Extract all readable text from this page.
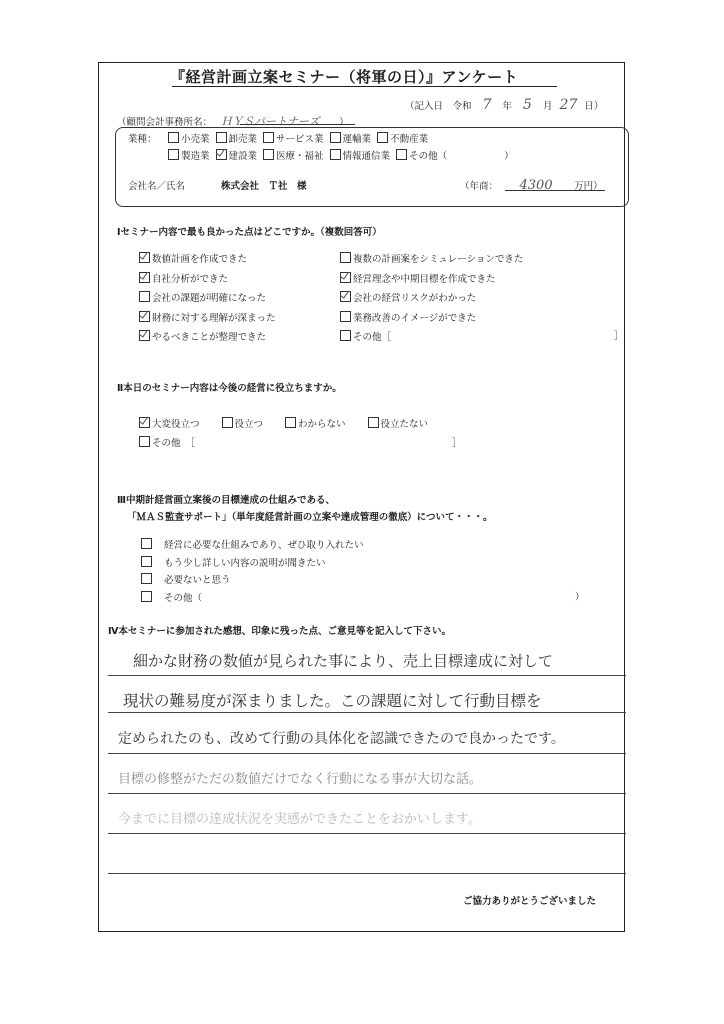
『経営計画立案セミナー（将軍の日）』アンケート
（記入日　令和 7 年 5 月 27 日）
（顧問会計事務所名： ＨＹＳパートナーズ ）
業種：	小売業 卸売業 サービス業 運輸業 不動産業
製造業 建設業 医療・福祉 情報通信業 その他（　　　　　　）
会社名／氏名	株式会社　Ｔ社　様	（年商： 4300 万円）
Ⅰセミナー内容で最も良かった点はどこですか。（複数回答可）
数値計画を作成できた
自社分析ができた
会社の課題が明確になった
財務に対する理解が深まった
やるべきことが整理できた
複数の計画案をシミュレーションできた
経営理念や中期目標を作成できた
会社の経営リスクがわかった
業務改善のイメージができた
その他［	］
Ⅱ本日のセミナー内容は今後の経営に役立ちますか。
大変役立つ	役立つ	わからない	役立たない
その他　［	］
Ⅲ中期計経営画立案後の目標達成の仕組みである、
「ＭＡＳ監査サポート」（単年度経営計画の立案や達成管理の徹底）について・・・。
経営に必要な仕組みであり、ぜひ取り入れたい
もう少し詳しい内容の説明が聞きたい
必要ないと思う
その他（	）
Ⅳ本セミナーに参加された感想、印象に残った点、ご意見等を記入して下さい。
細かな財務の数値が見られた事により、売上目標達成に対して
現状の難易度が深まりました。この課題に対して行動目標を
定められたのも、改めて行動の具体化を認識できたので良かったです。
目標の修整がただの数値だけでなく行動になる事が大切な話。
今までに目標の達成状況を実感ができたことをおかいします。
ご協力ありがとうございました
